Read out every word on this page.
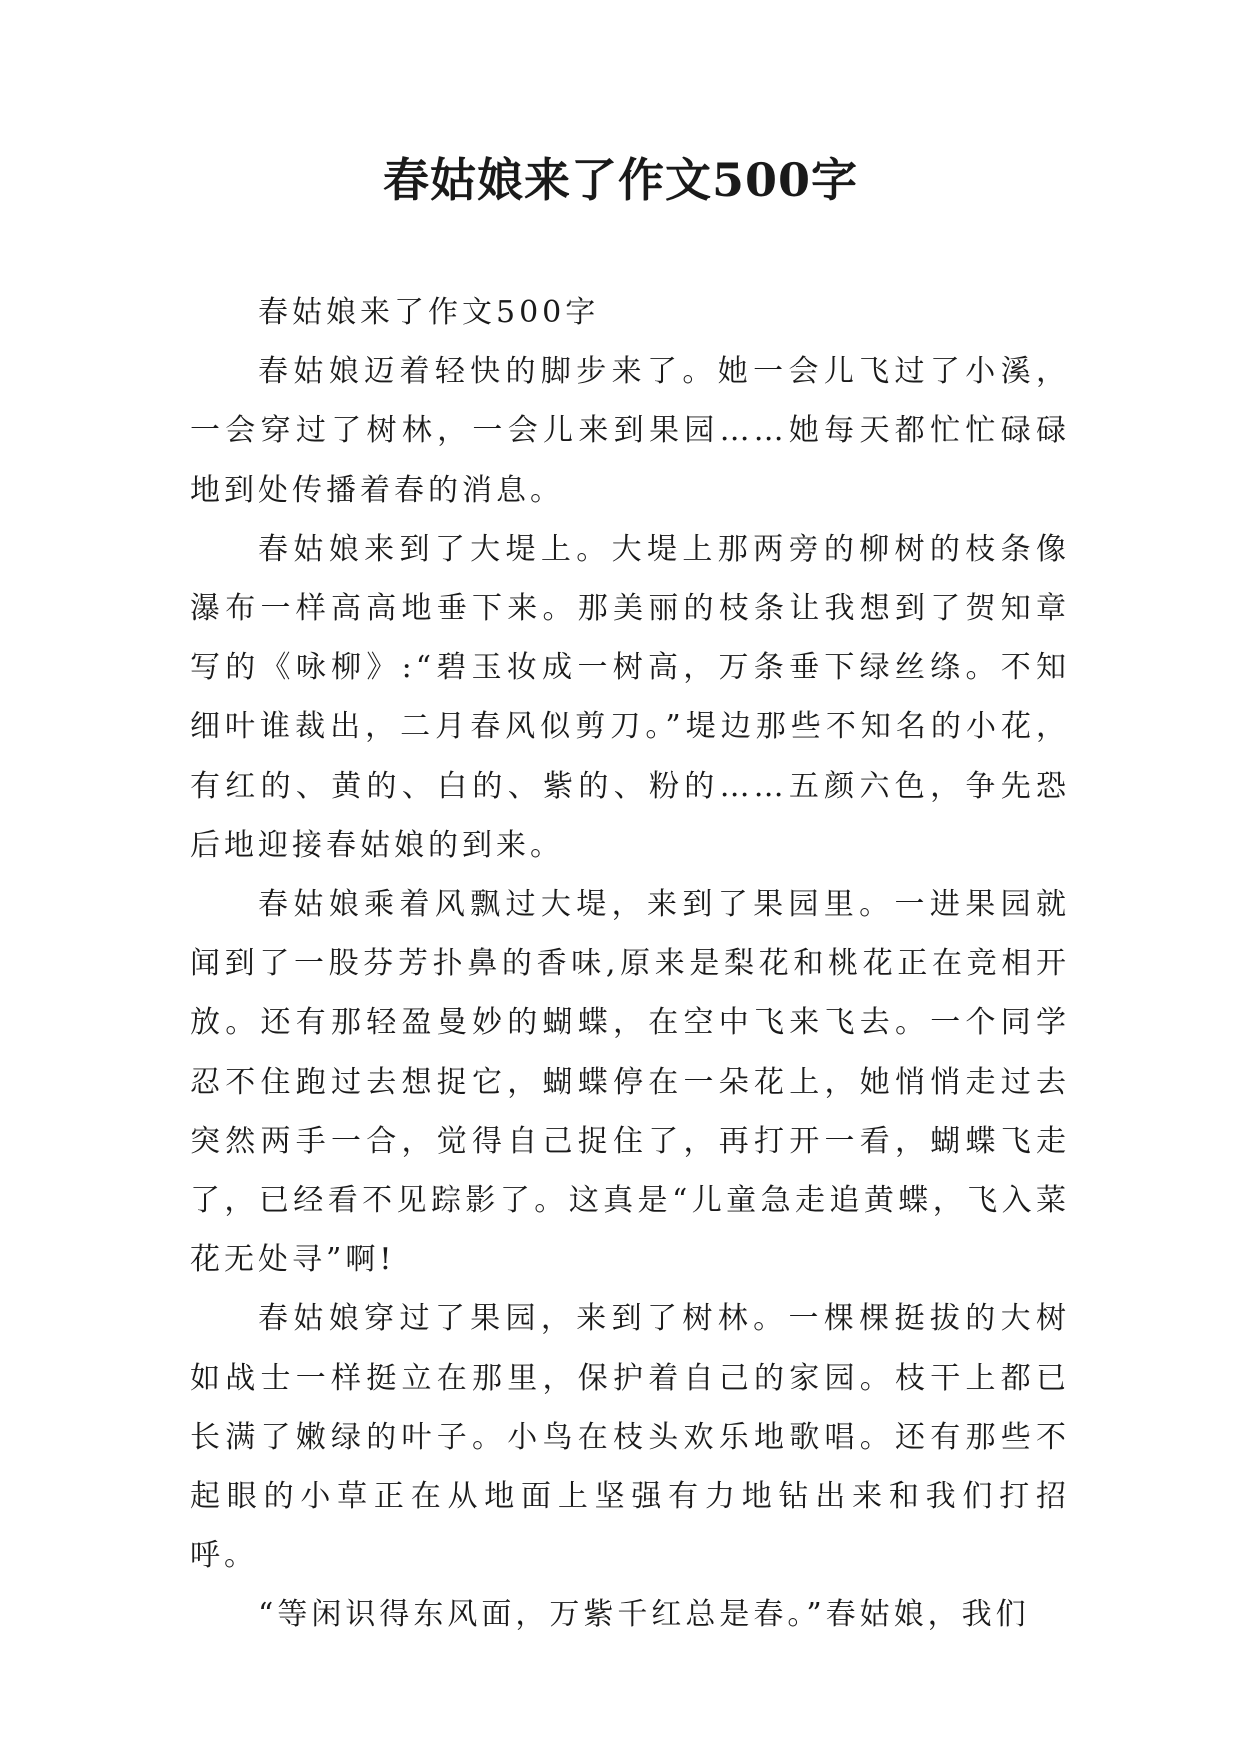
春姑娘来了作文500字

春姑娘来了作文500字

春姑娘迈着轻快的脚步来了。她一会儿飞过了小溪，一会穿过了树林，一会儿来到果园……她每天都忙忙碌碌地到处传播着春的消息。

春姑娘来到了大堤上。大堤上那两旁的柳树的枝条像瀑布一样高高地垂下来。那美丽的枝条让我想到了贺知章写的《咏柳》:“碧玉妆成一树高，万条垂下绿丝绦。不知细叶谁裁出，二月春风似剪刀。”堤边那些不知名的小花，有红的、黄的、白的、紫的、粉的……五颜六色，争先恐后地迎接春姑娘的到来。

春姑娘乘着风飘过大堤，来到了果园里。一进果园就闻到了一股芬芳扑鼻的香味,原来是梨花和桃花正在竞相开放。还有那轻盈曼妙的蝴蝶，在空中飞来飞去。一个同学忍不住跑过去想捉它，蝴蝶停在一朵花上，她悄悄走过去突然两手一合，觉得自己捉住了，再打开一看，蝴蝶飞走了，已经看不见踪影了。这真是“儿童急走追黄蝶，飞入菜花无处寻”啊!

春姑娘穿过了果园，来到了树林。一棵棵挺拔的大树如战士一样挺立在那里，保护着自己的家园。枝干上都已长满了嫩绿的叶子。小鸟在枝头欢乐地歌唱。还有那些不起眼的小草正在从地面上坚强有力地钻出来和我们打招呼。

“等闲识得东风面，万紫千红总是春。”春姑娘，我们
